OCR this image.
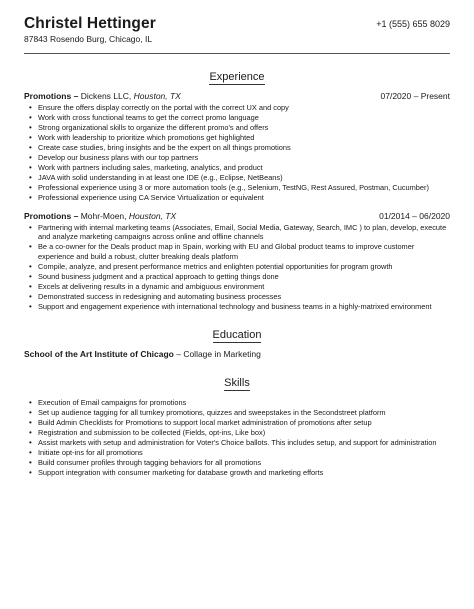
Christel Hettinger	+1 (555) 655 8029
87843 Rosendo Burg, Chicago, IL
Experience
Promotions – Dickens LLC, Houston, TX	07/2020 – Present
• Ensure the offers display correctly on the portal with the correct UX and copy
• Work with cross functional teams to get the correct promo language
• Strong organizational skills to organize the different promo's and offers
• Work with leadership to prioritize which promotions get highlighted
• Create case studies, bring insights and be the expert on all things promotions
• Develop our business plans with our top partners
• Work with partners including sales, marketing, analytics, and product
• JAVA with solid understanding in at least one IDE (e.g., Eclipse, NetBeans)
• Professional experience using 3 or more automation tools (e.g., Selenium, TestNG, Rest Assured, Postman, Cucumber)
• Professional experience using CA Service Virtualization or equivalent
Promotions – Mohr-Moen, Houston, TX	01/2014 – 06/2020
• Partnering with internal marketing teams (Associates, Email, Social Media, Gateway, Search, IMC ) to plan, develop, execute and analyze marketing campaigns across online and offline channels
• Be a co-owner for the Deals product map in Spain, working with EU and Global product teams to improve customer experience and build a robust, clutter breaking deals platform
• Compile, analyze, and present performance metrics and enlighten potential opportunities for program growth
• Sound business judgment and a practical approach to getting things done
• Excels at delivering results in a dynamic and ambiguous environment
• Demonstrated success in redesigning and automating business processes
• Support and engagement experience with international technology and business teams in a highly-matrixed environment
Education
School of the Art Institute of Chicago – Collage in Marketing
Skills
• Execution of Email campaigns for promotions
• Set up audience tagging for all turnkey promotions, quizzes and sweepstakes in the Secondstreet platform
• Build Admin Checklists for Promotions to support local market administration of promotions after setup
• Registration and submission to be collected (Fields, opt-ins, Like box)
• Assist markets with setup and administration for Voter's Choice ballots. This includes setup, and support for administration
• Initiate opt-ins for all promotions
• Build consumer profiles through tagging behaviors for all promotions
• Support integration with consumer marketing for database growth and marketing efforts
